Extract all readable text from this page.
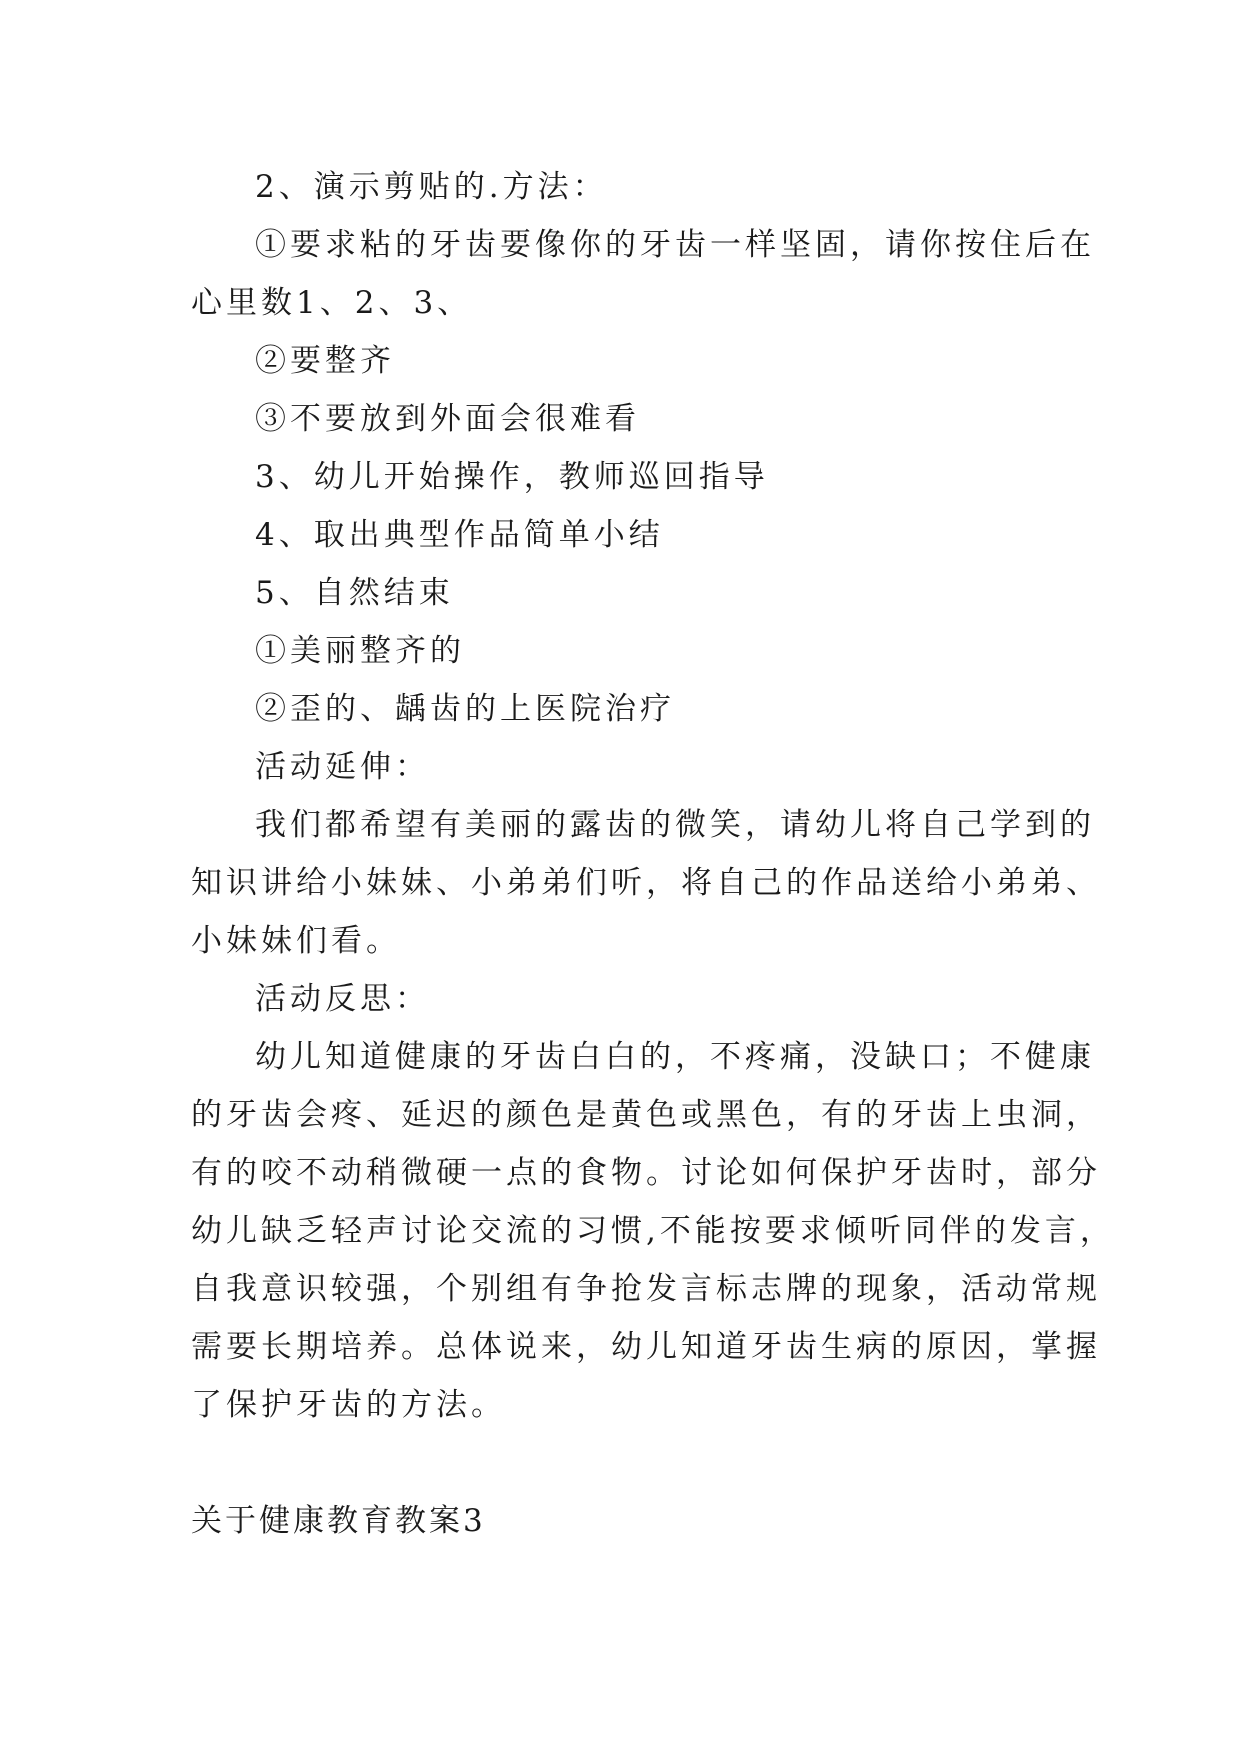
2、演示剪贴的.方法：
①要求粘的牙齿要像你的牙齿一样坚固，请你按住后在
心里数1、2、3、
②要整齐
③不要放到外面会很难看
3、幼儿开始操作，教师巡回指导
4、取出典型作品简单小结
5、自然结束
①美丽整齐的
②歪的、龋齿的上医院治疗
活动延伸：
我们都希望有美丽的露齿的微笑，请幼儿将自己学到的
知识讲给小妹妹、小弟弟们听，将自己的作品送给小弟弟、
小妹妹们看。
活动反思：
幼儿知道健康的牙齿白白的，不疼痛，没缺口；不健康
的牙齿会疼、延迟的颜色是黄色或黑色，有的牙齿上虫洞，
有的咬不动稍微硬一点的食物。讨论如何保护牙齿时，部分
幼儿缺乏轻声讨论交流的习惯,不能按要求倾听同伴的发言，
自我意识较强，个别组有争抢发言标志牌的现象，活动常规
需要长期培养。总体说来，幼儿知道牙齿生病的原因，掌握
了保护牙齿的方法。
关于健康教育教案3
